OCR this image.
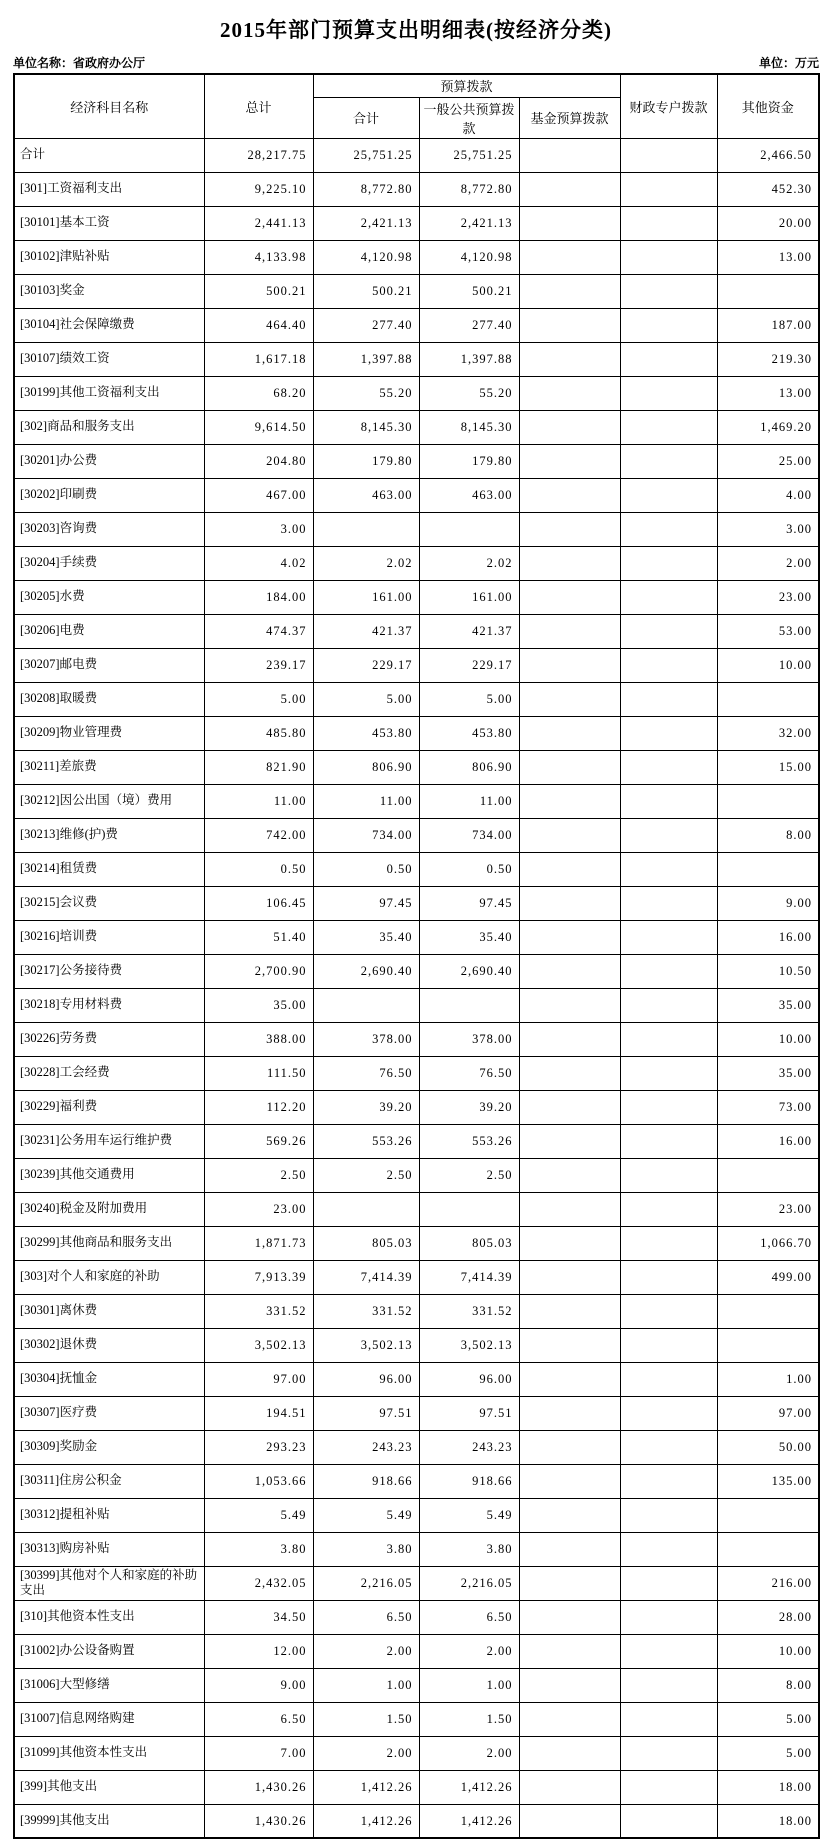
2015年部门预算支出明细表(按经济分类)
单位名称：省政府办公厅	单位：万元
经济科目名称	总计	预算拨款			财政专户拨款	其他资金
		合计	一般公共预算拨款	基金预算拨款		
合计	28,217.75	25,751.25	25,751.25			2,466.50
[301]工资福利支出	9,225.10	8,772.80	8,772.80			452.30
[30101]基本工资	2,441.13	2,421.13	2,421.13			20.00
[30102]津贴补贴	4,133.98	4,120.98	4,120.98			13.00
[30103]奖金	500.21	500.21	500.21			
[30104]社会保障缴费	464.40	277.40	277.40			187.00
[30107]绩效工资	1,617.18	1,397.88	1,397.88			219.30
[30199]其他工资福利支出	68.20	55.20	55.20			13.00
[302]商品和服务支出	9,614.50	8,145.30	8,145.30			1,469.20
[30201]办公费	204.80	179.80	179.80			25.00
[30202]印刷费	467.00	463.00	463.00			4.00
[30203]咨询费	3.00					3.00
[30204]手续费	4.02	2.02	2.02			2.00
[30205]水费	184.00	161.00	161.00			23.00
[30206]电费	474.37	421.37	421.37			53.00
[30207]邮电费	239.17	229.17	229.17			10.00
[30208]取暖费	5.00	5.00	5.00			
[30209]物业管理费	485.80	453.80	453.80			32.00
[30211]差旅费	821.90	806.90	806.90			15.00
[30212]因公出国（境）费用	11.00	11.00	11.00			
[30213]维修(护)费	742.00	734.00	734.00			8.00
[30214]租赁费	0.50	0.50	0.50			
[30215]会议费	106.45	97.45	97.45			9.00
[30216]培训费	51.40	35.40	35.40			16.00
[30217]公务接待费	2,700.90	2,690.40	2,690.40			10.50
[30218]专用材料费	35.00					35.00
[30226]劳务费	388.00	378.00	378.00			10.00
[30228]工会经费	111.50	76.50	76.50			35.00
[30229]福利费	112.20	39.20	39.20			73.00
[30231]公务用车运行维护费	569.26	553.26	553.26			16.00
[30239]其他交通费用	2.50	2.50	2.50			
[30240]税金及附加费用	23.00					23.00
[30299]其他商品和服务支出	1,871.73	805.03	805.03			1,066.70
[303]对个人和家庭的补助	7,913.39	7,414.39	7,414.39			499.00
[30301]离休费	331.52	331.52	331.52			
[30302]退休费	3,502.13	3,502.13	3,502.13			
[30304]抚恤金	97.00	96.00	96.00			1.00
[30307]医疗费	194.51	97.51	97.51			97.00
[30309]奖励金	293.23	243.23	243.23			50.00
[30311]住房公积金	1,053.66	918.66	918.66			135.00
[30312]提租补贴	5.49	5.49	5.49			
[30313]购房补贴	3.80	3.80	3.80			
[30399]其他对个人和家庭的补助支出	2,432.05	2,216.05	2,216.05			216.00
[310]其他资本性支出	34.50	6.50	6.50			28.00
[31002]办公设备购置	12.00	2.00	2.00			10.00
[31006]大型修缮	9.00	1.00	1.00			8.00
[31007]信息网络购建	6.50	1.50	1.50			5.00
[31099]其他资本性支出	7.00	2.00	2.00			5.00
[399]其他支出	1,430.26	1,412.26	1,412.26			18.00
[39999]其他支出	1,430.26	1,412.26	1,412.26			18.00
